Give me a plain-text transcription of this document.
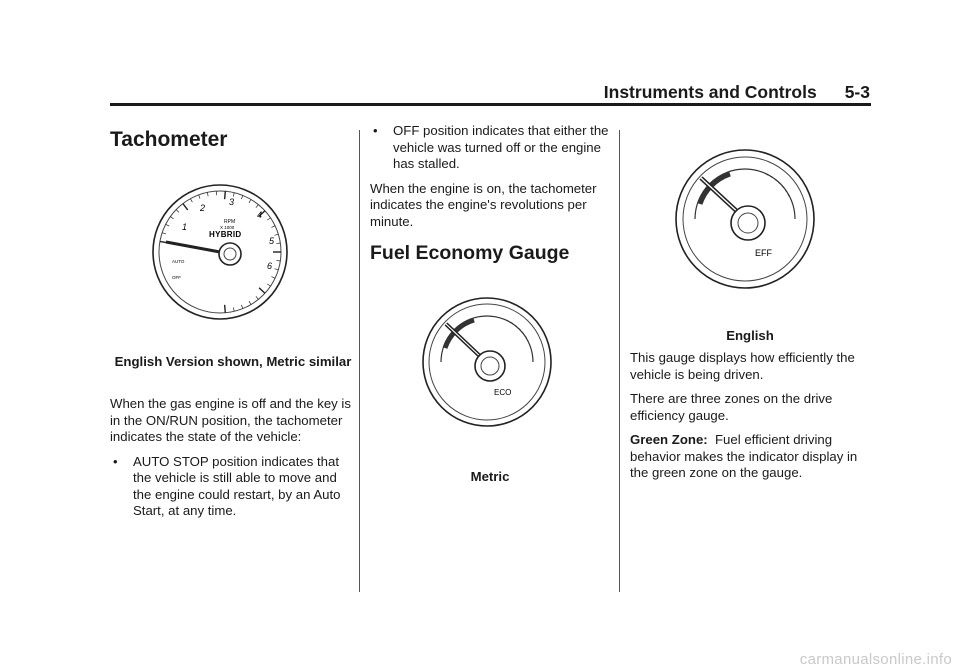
Instruments and Controls 5-3
Tachometer
1
2
3
4
5
6
RPM
X 1000
HYBRID
AUTO
OFF
English Version shown, Metric similar

When the gas engine is off and the key is in the ON/RUN position, the tachometer indicates the state of the vehicle:

• AUTO STOP position indicates that the vehicle is still able to move and the engine could restart, by an Auto Start, at any time.
• OFF position indicates that either the vehicle was turned off or the engine has stalled.

When the engine is on, the tachometer indicates the engine's revolutions per minute.

Fuel Economy Gauge
ECO
Metric
EFF
English

This gauge displays how efficiently the vehicle is being driven.

There are three zones on the drive efficiency gauge.

Green Zone: Fuel efficient driving behavior makes the indicator display in the green zone on the gauge.

carmanualsonline.info
